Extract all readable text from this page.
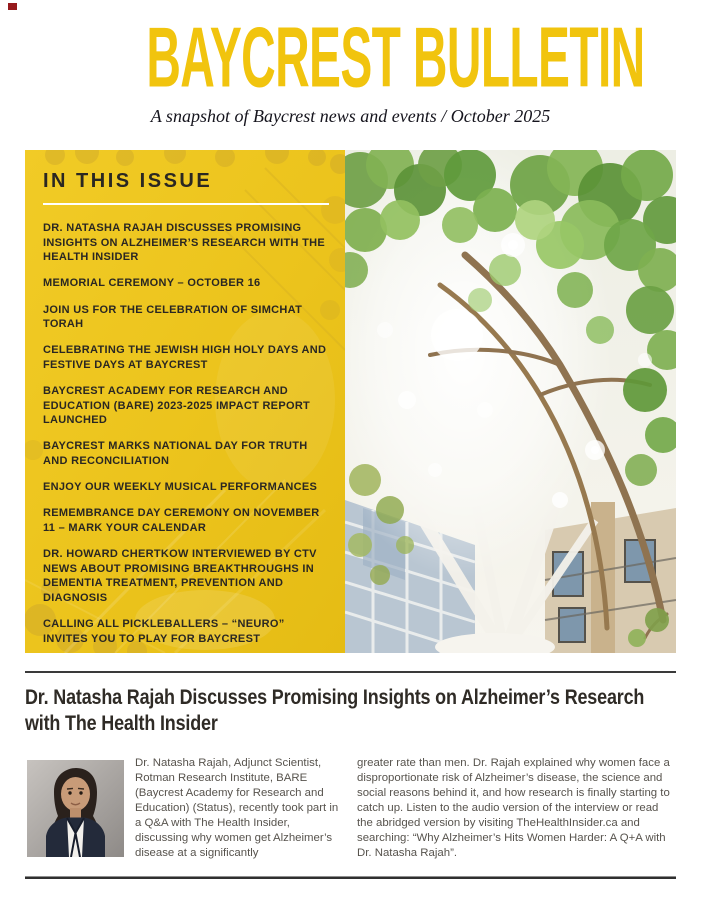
BAYCREST BULLETIN
A snapshot of Baycrest news and events / October 2025
IN THIS ISSUE
DR. NATASHA RAJAH DISCUSSES PROMISING INSIGHTS ON ALZHEIMER’S RESEARCH WITH THE HEALTH INSIDER
MEMORIAL CEREMONY – OCTOBER 16
JOIN US FOR THE CELEBRATION OF SIMCHAT TORAH
CELEBRATING THE JEWISH HIGH HOLY DAYS AND FESTIVE DAYS AT BAYCREST
BAYCREST ACADEMY FOR RESEARCH AND EDUCATION (BARE) 2023-2025 IMPACT REPORT LAUNCHED
BAYCREST MARKS NATIONAL DAY FOR TRUTH AND RECONCILIATION
ENJOY OUR WEEKLY MUSICAL PERFORMANCES
REMEMBRANCE DAY CEREMONY ON NOVEMBER 11 – MARK YOUR CALENDAR
DR. HOWARD CHERTKOW INTERVIEWED BY CTV NEWS ABOUT PROMISING BREAKTHROUGHS IN DEMENTIA TREATMENT, PREVENTION AND DIAGNOSIS
CALLING ALL PICKLEBALLERS – “NEURO” INVITES YOU TO PLAY FOR BAYCREST
Dr. Natasha Rajah Discusses Promising Insights on Alzheimer’s Research with The Health Insider
Dr. Natasha Rajah, Adjunct Scientist, Rotman Research Institute, BARE (Baycrest Academy for Research and Education) (Status), recently took part in a Q&A with The Health Insider, discussing why women get Alzheimer’s disease at a significantly
greater rate than men. Dr. Rajah explained why women face a disproportionate risk of Alzheimer’s disease, the science and social reasons behind it, and how research is finally starting to catch up. Listen to the audio version of the interview or read the abridged version by visiting TheHealthInsider.ca and searching: “Why Alzheimer’s Hits Women Harder: A Q+A with Dr. Natasha Rajah”.
